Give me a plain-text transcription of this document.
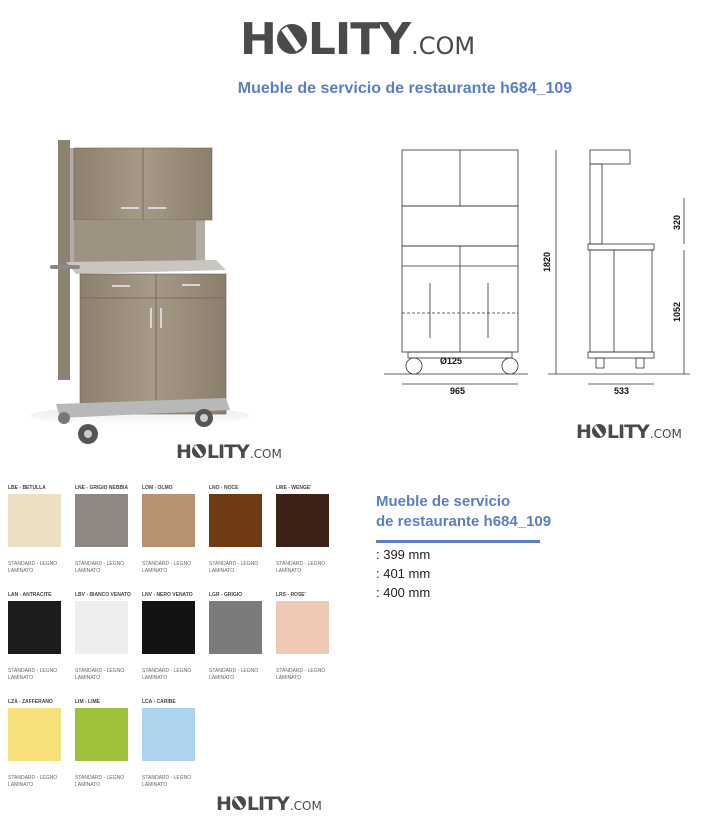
H LITY .COM
Mueble de servicio de restaurante h684_109
H LITY .COM
Ø125
965	533
1820
1052
320
H LITY .COM
LBE - BETULLA
STANDARD - LEGNO
LAMINATO
LNE - GRIGIO NEBBIA
STANDARD - LEGNO
LAMINATO
LOM - OLMO
STANDARD - LEGNO
LAMINATO
LNO - NOCE
STANDARD - LEGNO
LAMINATO
LWE - WENGE'
STANDARD - LEGNO
LAMINATO
LAN - ANTRACITE
STANDARD - LEGNO
LAMINATO
LBV - BIANCO VENATO
STANDARD - LEGNO
LAMINATO
LNV - NERO VENATO
STANDARD - LEGNO
LAMINATO
LGR - GRIGIO
STANDARD - LEGNO
LAMINATO
LRS - ROSE'
STANDARD - LEGNO
LAMINATO
LZA - ZAFFERANO
STANDARD - LEGNO
LAMINATO
LIM - LIME
STANDARD - LEGNO
LAMINATO
LCA - CARIBE
STANDARD - LEGNO
LAMINATO
Mueble de servicio
de restaurante h684_109
: 399 mm
: 401 mm
: 400 mm
H LITY .COM
